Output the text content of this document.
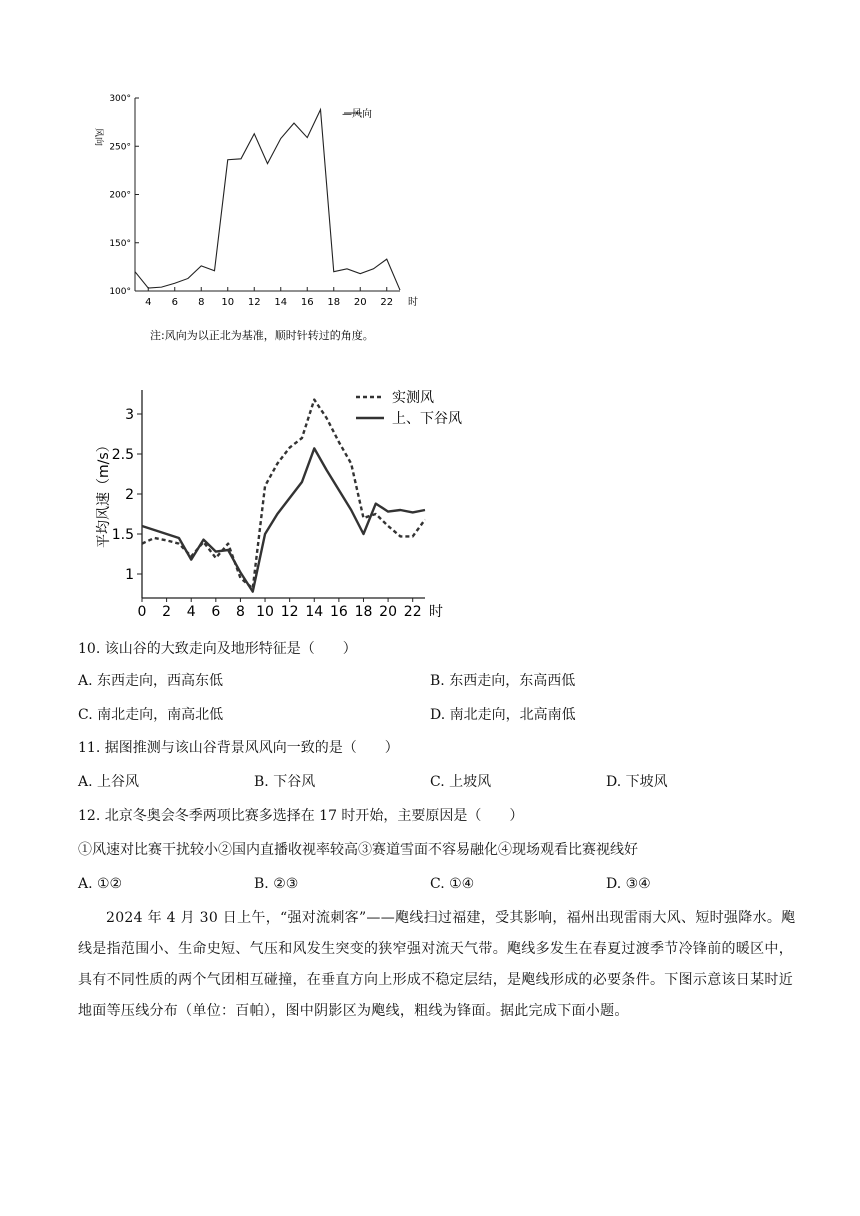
300°
250°
200°
150°
100°
4 6 8 10 12 14 16 18 20 22 时
风向
—风向
注:风向为以正北为基准，顺时针转过的角度。
3
2.5
2
1.5
1
0 2 4 6 8 10 12 14 16 18 20 22 时
平均风速（m/s）
实测风
上、下谷风
10. 该山谷的大致走向及地形特征是（　　）
A. 东西走向，西高东低	B. 东西走向，东高西低
C. 南北走向，南高北低	D. 南北走向，北高南低
11. 据图推测与该山谷背景风风向一致的是（　　）
A. 上谷风	B. 下谷风	C. 上坡风	D. 下坡风
12. 北京冬奥会冬季两项比赛多选择在 17 时开始，主要原因是（　　）
①风速对比赛干扰较小②国内直播收视率较高③赛道雪面不容易融化④现场观看比赛视线好
A. ①②	B. ②③	C. ①④	D. ③④

2024 年 4 月 30 日上午，“强对流刺客”——飑线扫过福建，受其影响，福州出现雷雨大风、短时强降水。飑线是指范围小、生命史短、气压和风发生突变的狭窄强对流天气带。飑线多发生在春夏过渡季节冷锋前的暖区中，具有不同性质的两个气团相互碰撞，在垂直方向上形成不稳定层结，是飑线形成的必要条件。下图示意该日某时近地面等压线分布（单位：百帕），图中阴影区为飑线，粗线为锋面。据此完成下面小题。
